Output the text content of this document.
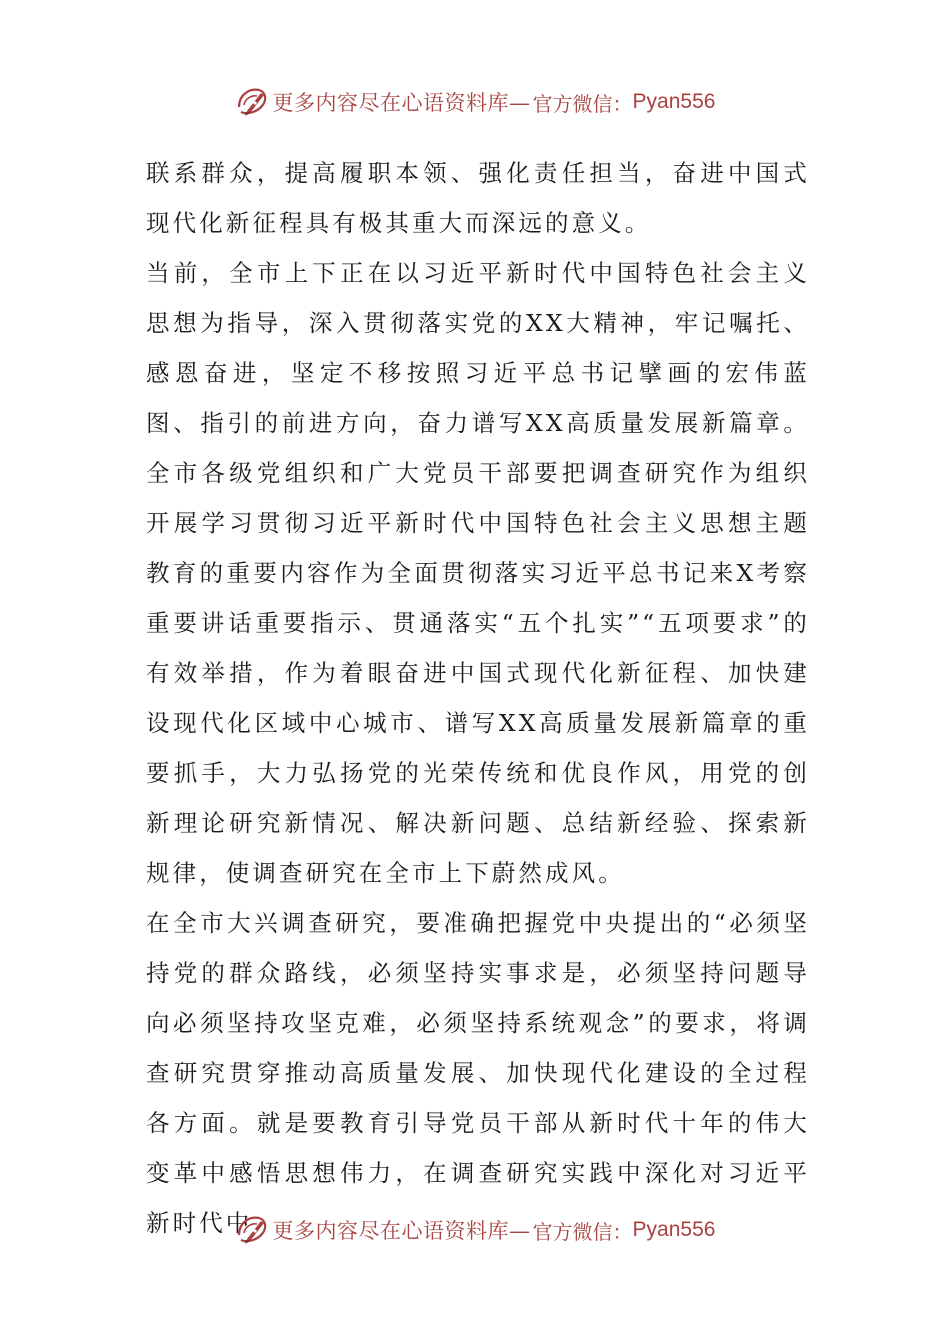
更多内容尽在心语资料库— 官方微信： Pyan556

联系群众，提高履职本领、强化责任担当，奋进中国式现代化新征程具有极其重大而深远的意义。

当前，全市上下正在以习近平新时代中国特色社会主义思想为指导，深入贯彻落实党的XX大精神，牢记嘱托、感恩奋进，坚定不移按照习近平总书记擘画的宏伟蓝图、指引的前进方向，奋力谱写XX高质量发展新篇章。全市各级党组织和广大党员干部要把调查研究作为组织开展学习贯彻习近平新时代中国特色社会主义思想主题教育的重要内容作为全面贯彻落实习近平总书记来X考察重要讲话重要指示、贯通落实“五个扎实”“五项要求”的有效举措，作为着眼奋进中国式现代化新征程、加快建设现代化区域中心城市、谱写XX高质量发展新篇章的重要抓手，大力弘扬党的光荣传统和优良作风，用党的创新理论研究新情况、解决新问题、总结新经验、探索新规律，使调查研究在全市上下蔚然成风。

在全市大兴调查研究，要准确把握党中央提出的“必须坚持党的群众路线，必须坚持实事求是，必须坚持问题导向必须坚持攻坚克难，必须坚持系统观念”的要求，将调查研究贯穿推动高质量发展、加快现代化建设的全过程各方面。就是要教育引导党员干部从新时代十年的伟大变革中感悟思想伟力，在调查研究实践中深化对习近平新时代中 更多内容尽在心语资料库— 官方微信： Pyan556
